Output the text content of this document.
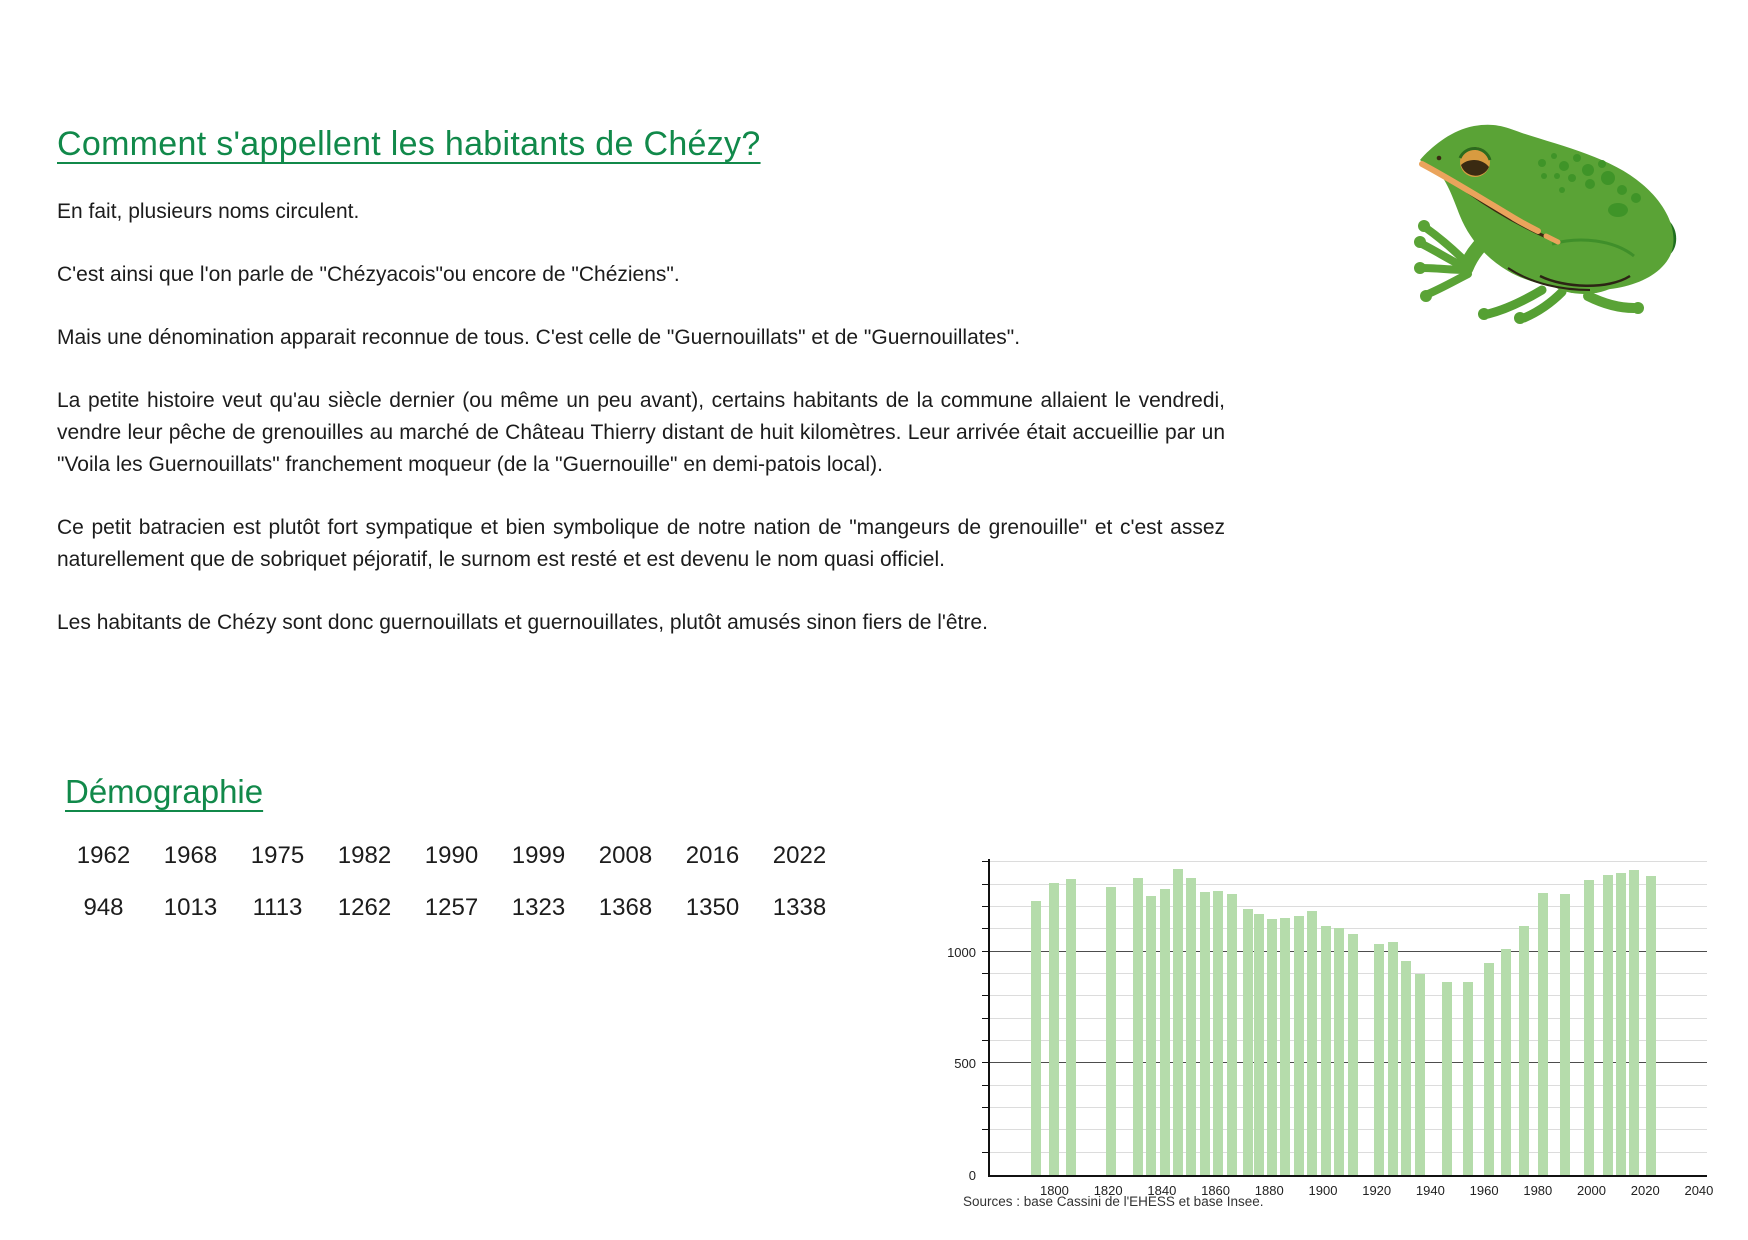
Comment s'appellent les habitants de Chézy?

En fait, plusieurs noms circulent.

C'est ainsi que l'on parle de "Chézyacois"ou encore de "Chéziens".

Mais une dénomination apparait reconnue de tous. C'est celle de "Guernouillats" et de "Guernouillates".

La petite histoire veut qu'au siècle dernier (ou même un peu avant), certains habitants de la commune allaient le vendredi, vendre leur pêche de grenouilles au marché de Château Thierry distant de huit kilomètres. Leur arrivée était accueillie par un "Voila les Guernouillats" franchement moqueur (de la "Guernouille" en demi-patois local).

Ce petit batracien est plutôt fort sympatique et bien symbolique de notre nation de "mangeurs de grenouille" et c'est assez naturellement que de sobriquet péjoratif, le surnom est resté et est devenu le nom quasi officiel.

Les habitants de Chézy sont donc guernouillats et guernouillates, plutôt amusés sinon fiers de l'être.

Démographie
1962	1968	1975	1982	1990	1999	2008	2016	2022
948	1013	1113	1262	1257	1323	1368	1350	1338
0
500
1000
1800	1820	1840	1860	1880	1900	1920	1940	1960	1980	2000	2020	2040
Sources : base Cassini de l'EHESS et base Insee.
